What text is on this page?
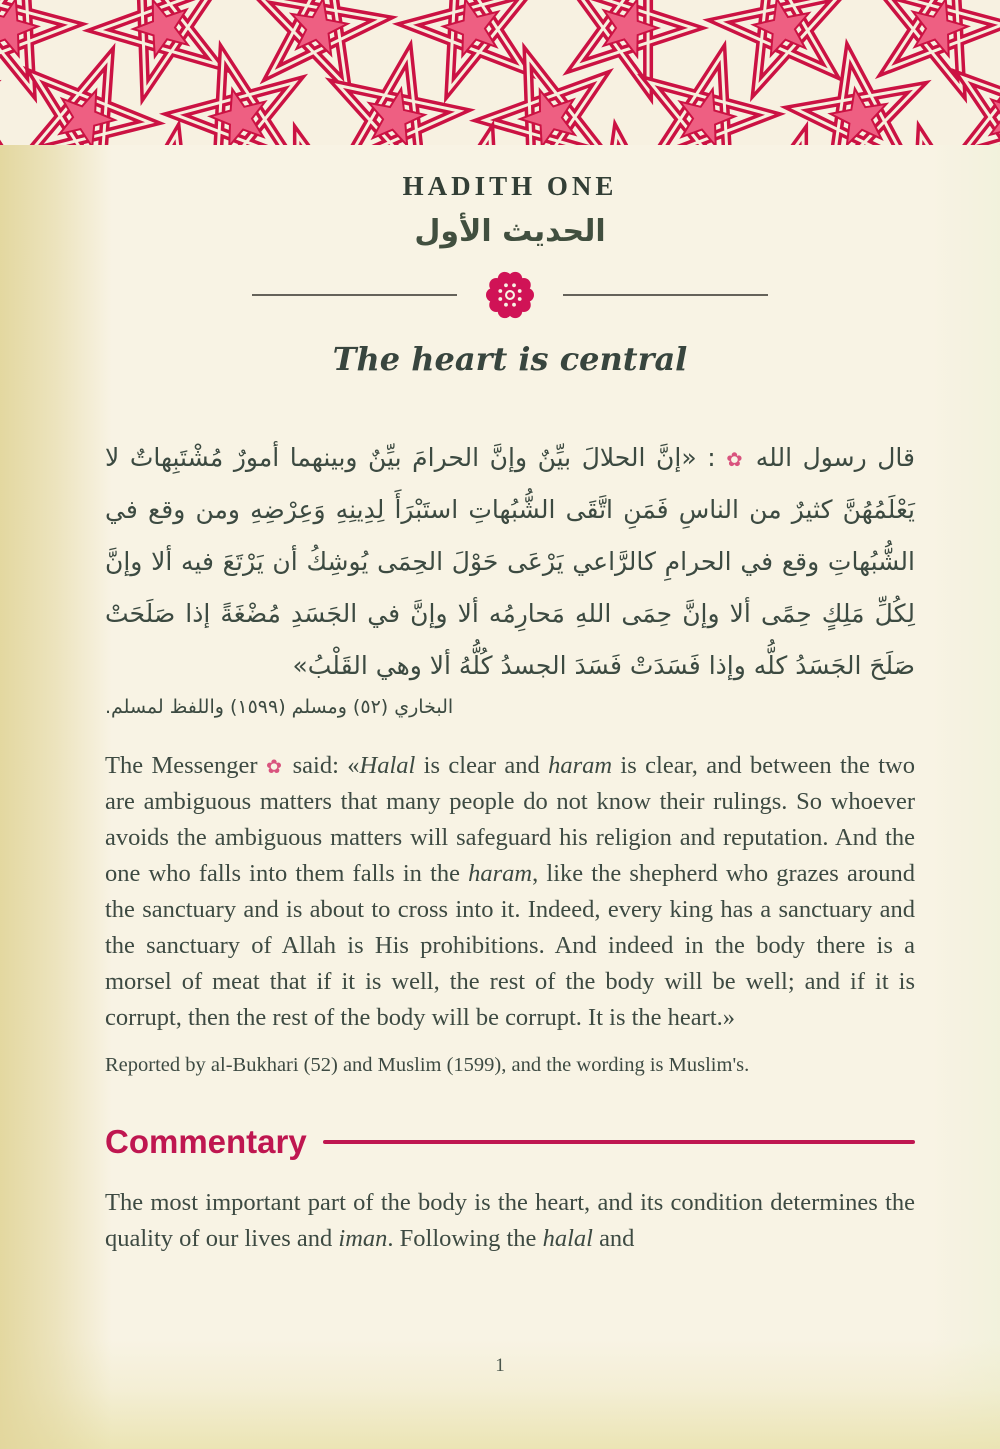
HADITH ONE
الحديث الأول
The heart is central

قال رسول الله ✿ : «إنَّ الحلالَ بيِّنٌ وإنَّ الحرامَ بيِّنٌ وبينهما أمورٌ مُشْتَبِهاتٌ لا يَعْلَمُهُنَّ كثيرٌ من الناسِ فَمَنِ اتَّقَى الشُّبُهاتِ استَبْرَأَ لِدِينِهِ وَعِرْضِهِ ومن وقع في الشُّبُهاتِ وقع في الحرامِ كالرَّاعي يَرْعَى حَوْلَ الحِمَى يُوشِكُ أن يَرْتَعَ فيه ألا وإنَّ لِكُلِّ مَلِكٍ حِمًى ألا وإنَّ حِمَى اللهِ مَحارِمُه ألا وإنَّ في الجَسَدِ مُضْغَةً إذا صَلَحَتْ صَلَحَ الجَسَدُ كلُّه وإذا فَسَدَتْ فَسَدَ الجسدُ كُلُّهُ ألا وهي القَلْبُ»

البخاري (٥٢) ومسلم (١٥٩٩) واللفظ لمسلم.

The Messenger ✿ said: «Halal is clear and haram is clear, and between the two are ambiguous matters that many people do not know their rulings. So whoever avoids the ambiguous matters will safeguard his religion and reputation. And the one who falls into them falls in the haram, like the shepherd who grazes around the sanctuary and is about to cross into it. Indeed, every king has a sanctuary and the sanctuary of Allah is His prohibitions. And indeed in the body there is a morsel of meat that if it is well, the rest of the body will be well; and if it is corrupt, then the rest of the body will be corrupt. It is the heart.»

Reported by al-Bukhari (52) and Muslim (1599), and the wording is Muslim's.

Commentary

The most important part of the body is the heart, and its condition determines the quality of our lives and iman. Following the halal and

1
